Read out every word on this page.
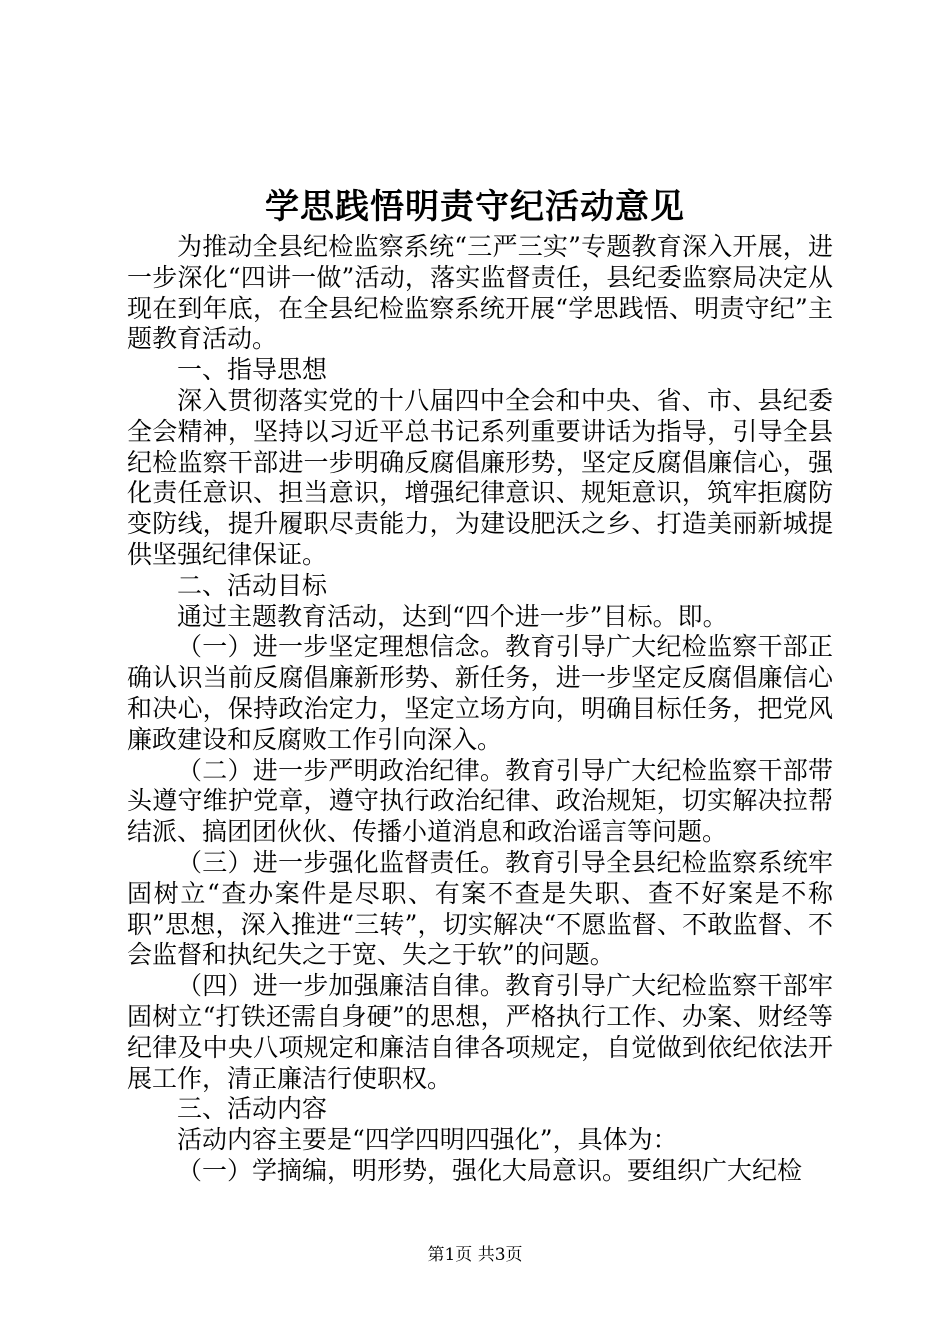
学思践悟明责守纪活动意见

为推动全县纪检监察系统“三严三实”专题教育深入开展，进一步深化“四讲一做”活动，落实监督责任，县纪委监察局决定从现在到年底，在全县纪检监察系统开展“学思践悟、明责守纪”主题教育活动。

一、指导思想

深入贯彻落实党的十八届四中全会和中央、省、市、县纪委全会精神，坚持以习近平总书记系列重要讲话为指导，引导全县纪检监察干部进一步明确反腐倡廉形势，坚定反腐倡廉信心，强化责任意识、担当意识，增强纪律意识、规矩意识，筑牢拒腐防变防线，提升履职尽责能力，为建设肥沃之乡、打造美丽新城提供坚强纪律保证。

二、活动目标

通过主题教育活动，达到“四个进一步”目标。即。

（一）进一步坚定理想信念。教育引导广大纪检监察干部正确认识当前反腐倡廉新形势、新任务，进一步坚定反腐倡廉信心和决心，保持政治定力，坚定立场方向，明确目标任务，把党风廉政建设和反腐败工作引向深入。

（二）进一步严明政治纪律。教育引导广大纪检监察干部带头遵守维护党章，遵守执行政治纪律、政治规矩，切实解决拉帮结派、搞团团伙伙、传播小道消息和政治谣言等问题。

（三）进一步强化监督责任。教育引导全县纪检监察系统牢固树立“查办案件是尽职、有案不查是失职、查不好案是不称职”思想，深入推进“三转”，切实解决“不愿监督、不敢监督、不会监督和执纪失之于宽、失之于软”的问题。

（四）进一步加强廉洁自律。教育引导广大纪检监察干部牢固树立“打铁还需自身硬”的思想，严格执行工作、办案、财经等纪律及中央八项规定和廉洁自律各项规定，自觉做到依纪依法开展工作，清正廉洁行使职权。

三、活动内容

活动内容主要是“四学四明四强化”，具体为：

（一）学摘编，明形势，强化大局意识。要组织广大纪检

第1页 共3页
